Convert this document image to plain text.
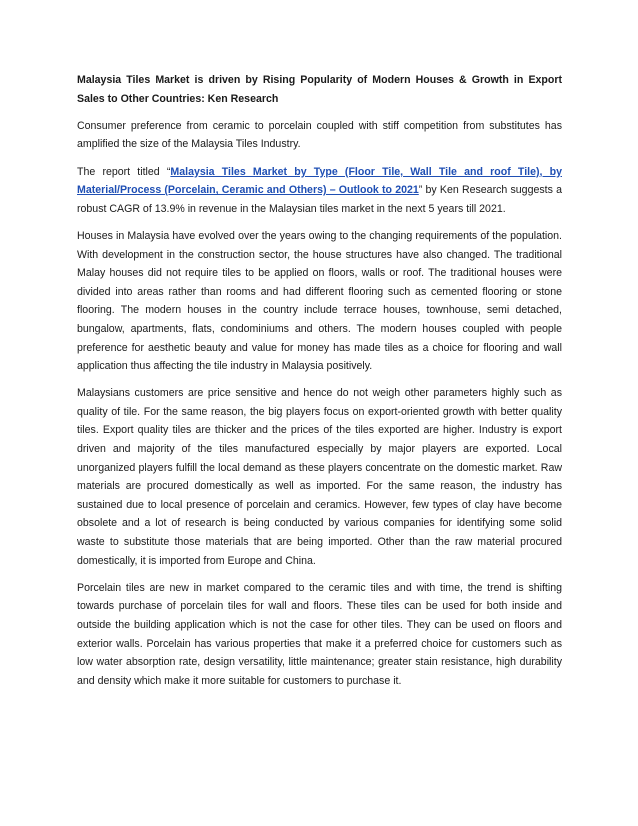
Malaysia Tiles Market is driven by Rising Popularity of Modern Houses & Growth in Export Sales to Other Countries: Ken Research

Consumer preference from ceramic to porcelain coupled with stiff competition from substitutes has amplified the size of the Malaysia Tiles Industry.

The report titled “Malaysia Tiles Market by Type (Floor Tile, Wall Tile and roof Tile), by Material/Process (Porcelain, Ceramic and Others) – Outlook to 2021” by Ken Research suggests a robust CAGR of 13.9% in revenue in the Malaysian tiles market in the next 5 years till 2021.

Houses in Malaysia have evolved over the years owing to the changing requirements of the population. With development in the construction sector, the house structures have also changed. The traditional Malay houses did not require tiles to be applied on floors, walls or roof. The traditional houses were divided into areas rather than rooms and had different flooring such as cemented flooring or stone flooring. The modern houses in the country include terrace houses, townhouse, semi detached, bungalow, apartments, flats, condominiums and others. The modern houses coupled with people preference for aesthetic beauty and value for money has made tiles as a choice for flooring and wall application thus affecting the tile industry in Malaysia positively.

Malaysians customers are price sensitive and hence do not weigh other parameters highly such as quality of tile. For the same reason, the big players focus on export-oriented growth with better quality tiles. Export quality tiles are thicker and the prices of the tiles exported are higher. Industry is export driven and majority of the tiles manufactured especially by major players are exported. Local unorganized players fulfill the local demand as these players concentrate on the domestic market. Raw materials are procured domestically as well as imported. For the same reason, the industry has sustained due to local presence of porcelain and ceramics. However, few types of clay have become obsolete and a lot of research is being conducted by various companies for identifying some solid waste to substitute those materials that are being imported. Other than the raw material procured domestically, it is imported from Europe and China.

Porcelain tiles are new in market compared to the ceramic tiles and with time, the trend is shifting towards purchase of porcelain tiles for wall and floors. These tiles can be used for both inside and outside the building application which is not the case for other tiles. They can be used on floors and exterior walls. Porcelain has various properties that make it a preferred choice for customers such as low water absorption rate, design versatility, little maintenance; greater stain resistance, high durability and density which make it more suitable for customers to purchase it.
